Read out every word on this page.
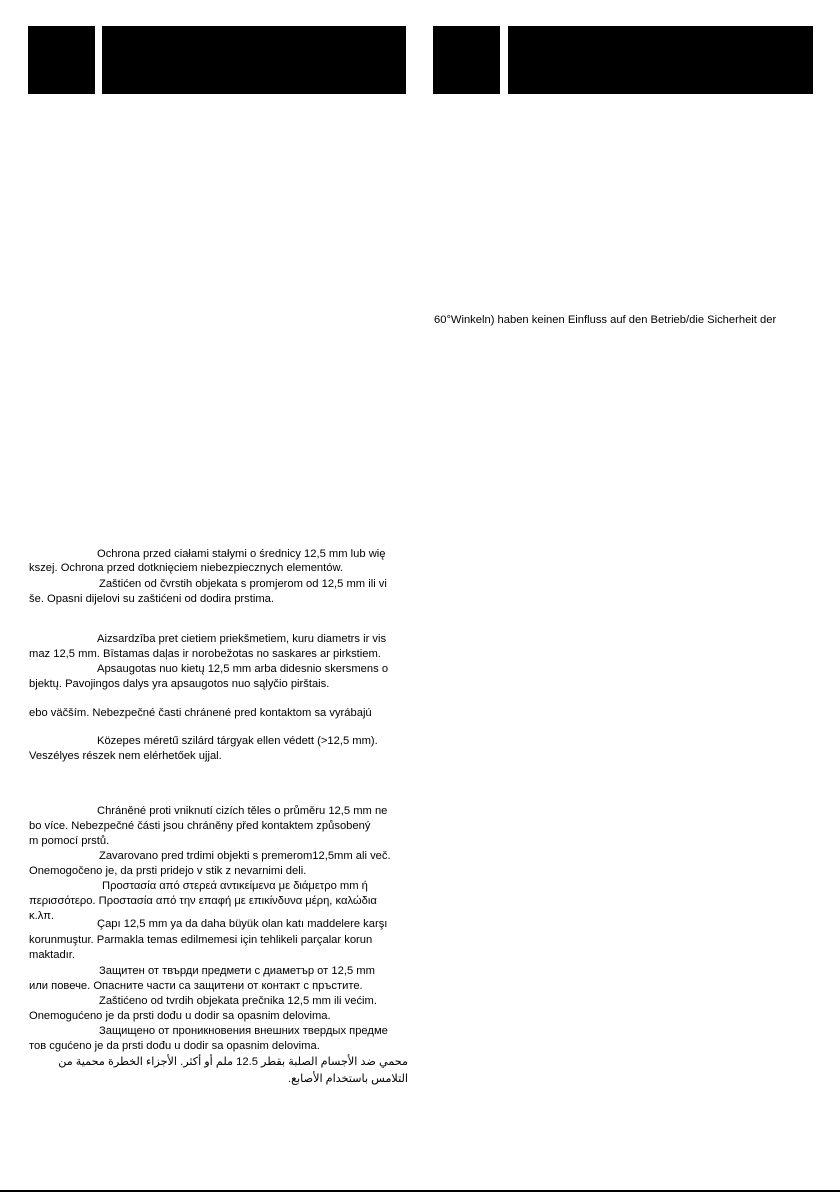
60°Winkeln) haben keinen Einfluss auf den Betrieb/die Sicherheit der
Ochrona przed ciałami stałymi o średnicy 12,5 mm lub wię
kszej. Ochrona przed dotknięciem niebezpiecznych elementów.
Zaštićen od čvrstih objekata s promjerom od 12,5 mm ili vi
še. Opasni dijelovi su zaštićeni od dodira prstima.
Aizsardzība pret cietiem priekšmetiem, kuru diametrs ir vis
maz 12,5 mm. Bīstamas daļas ir norobežotas no saskares ar pirkstiem.
Apsaugotas nuo kietų 12,5 mm arba didesnio skersmens o
bjektų. Pavojingos dalys yra apsaugotos nuo sąlyčio pirštais.
ebo väčším. Nebezpečné časti chránené pred kontaktom sa vyrábajú
Közepes méretű szilárd tárgyak ellen védett (>12,5 mm).
Veszélyes részek nem elérhetőek ujjal.
Chráněné proti vniknutí cizích těles o průměru 12,5 mm ne
bo více. Nebezpečné části jsou chráněny před kontaktem způsobený
m pomocí prstů.
Zavarovano pred trdimi objekti s premerom12,5mm ali več.
Onemogočeno je, da prsti pridejo v stik z nevarnimi deli.
Προστασία από στερεά αντικείμενα με διάμετρο mm ή
περισσότερο. Προστασία από την επαφή με επικίνδυνα μέρη, καλώδια
κ.λπ.
Çapı 12,5 mm ya da daha büyük olan katı maddelere karşı
korunmuştur. Parmakla temas edilmemesi için tehlikeli parçalar korun
maktadır.
Защитен от твърди предмети с диаметър от 12,5 mm
или повече. Опасните части са защитени от контакт с пръстите.
Zaštićeno od tvrdih objekata prečnika 12,5 mm ili većim.
Onemogućeno je da prsti dođu u dodir sa opasnim delovima.
Защищено от проникновения внешних твердых предме
тов сgućeno je da prsti dođu u dodir sa opasnim delovima.
محمي ضد الأجسام الصلبة بقطر 12.5 ملم أو أكثر. الأجزاء الخطرة محمية من
التلامس باستخدام الأصابع.
